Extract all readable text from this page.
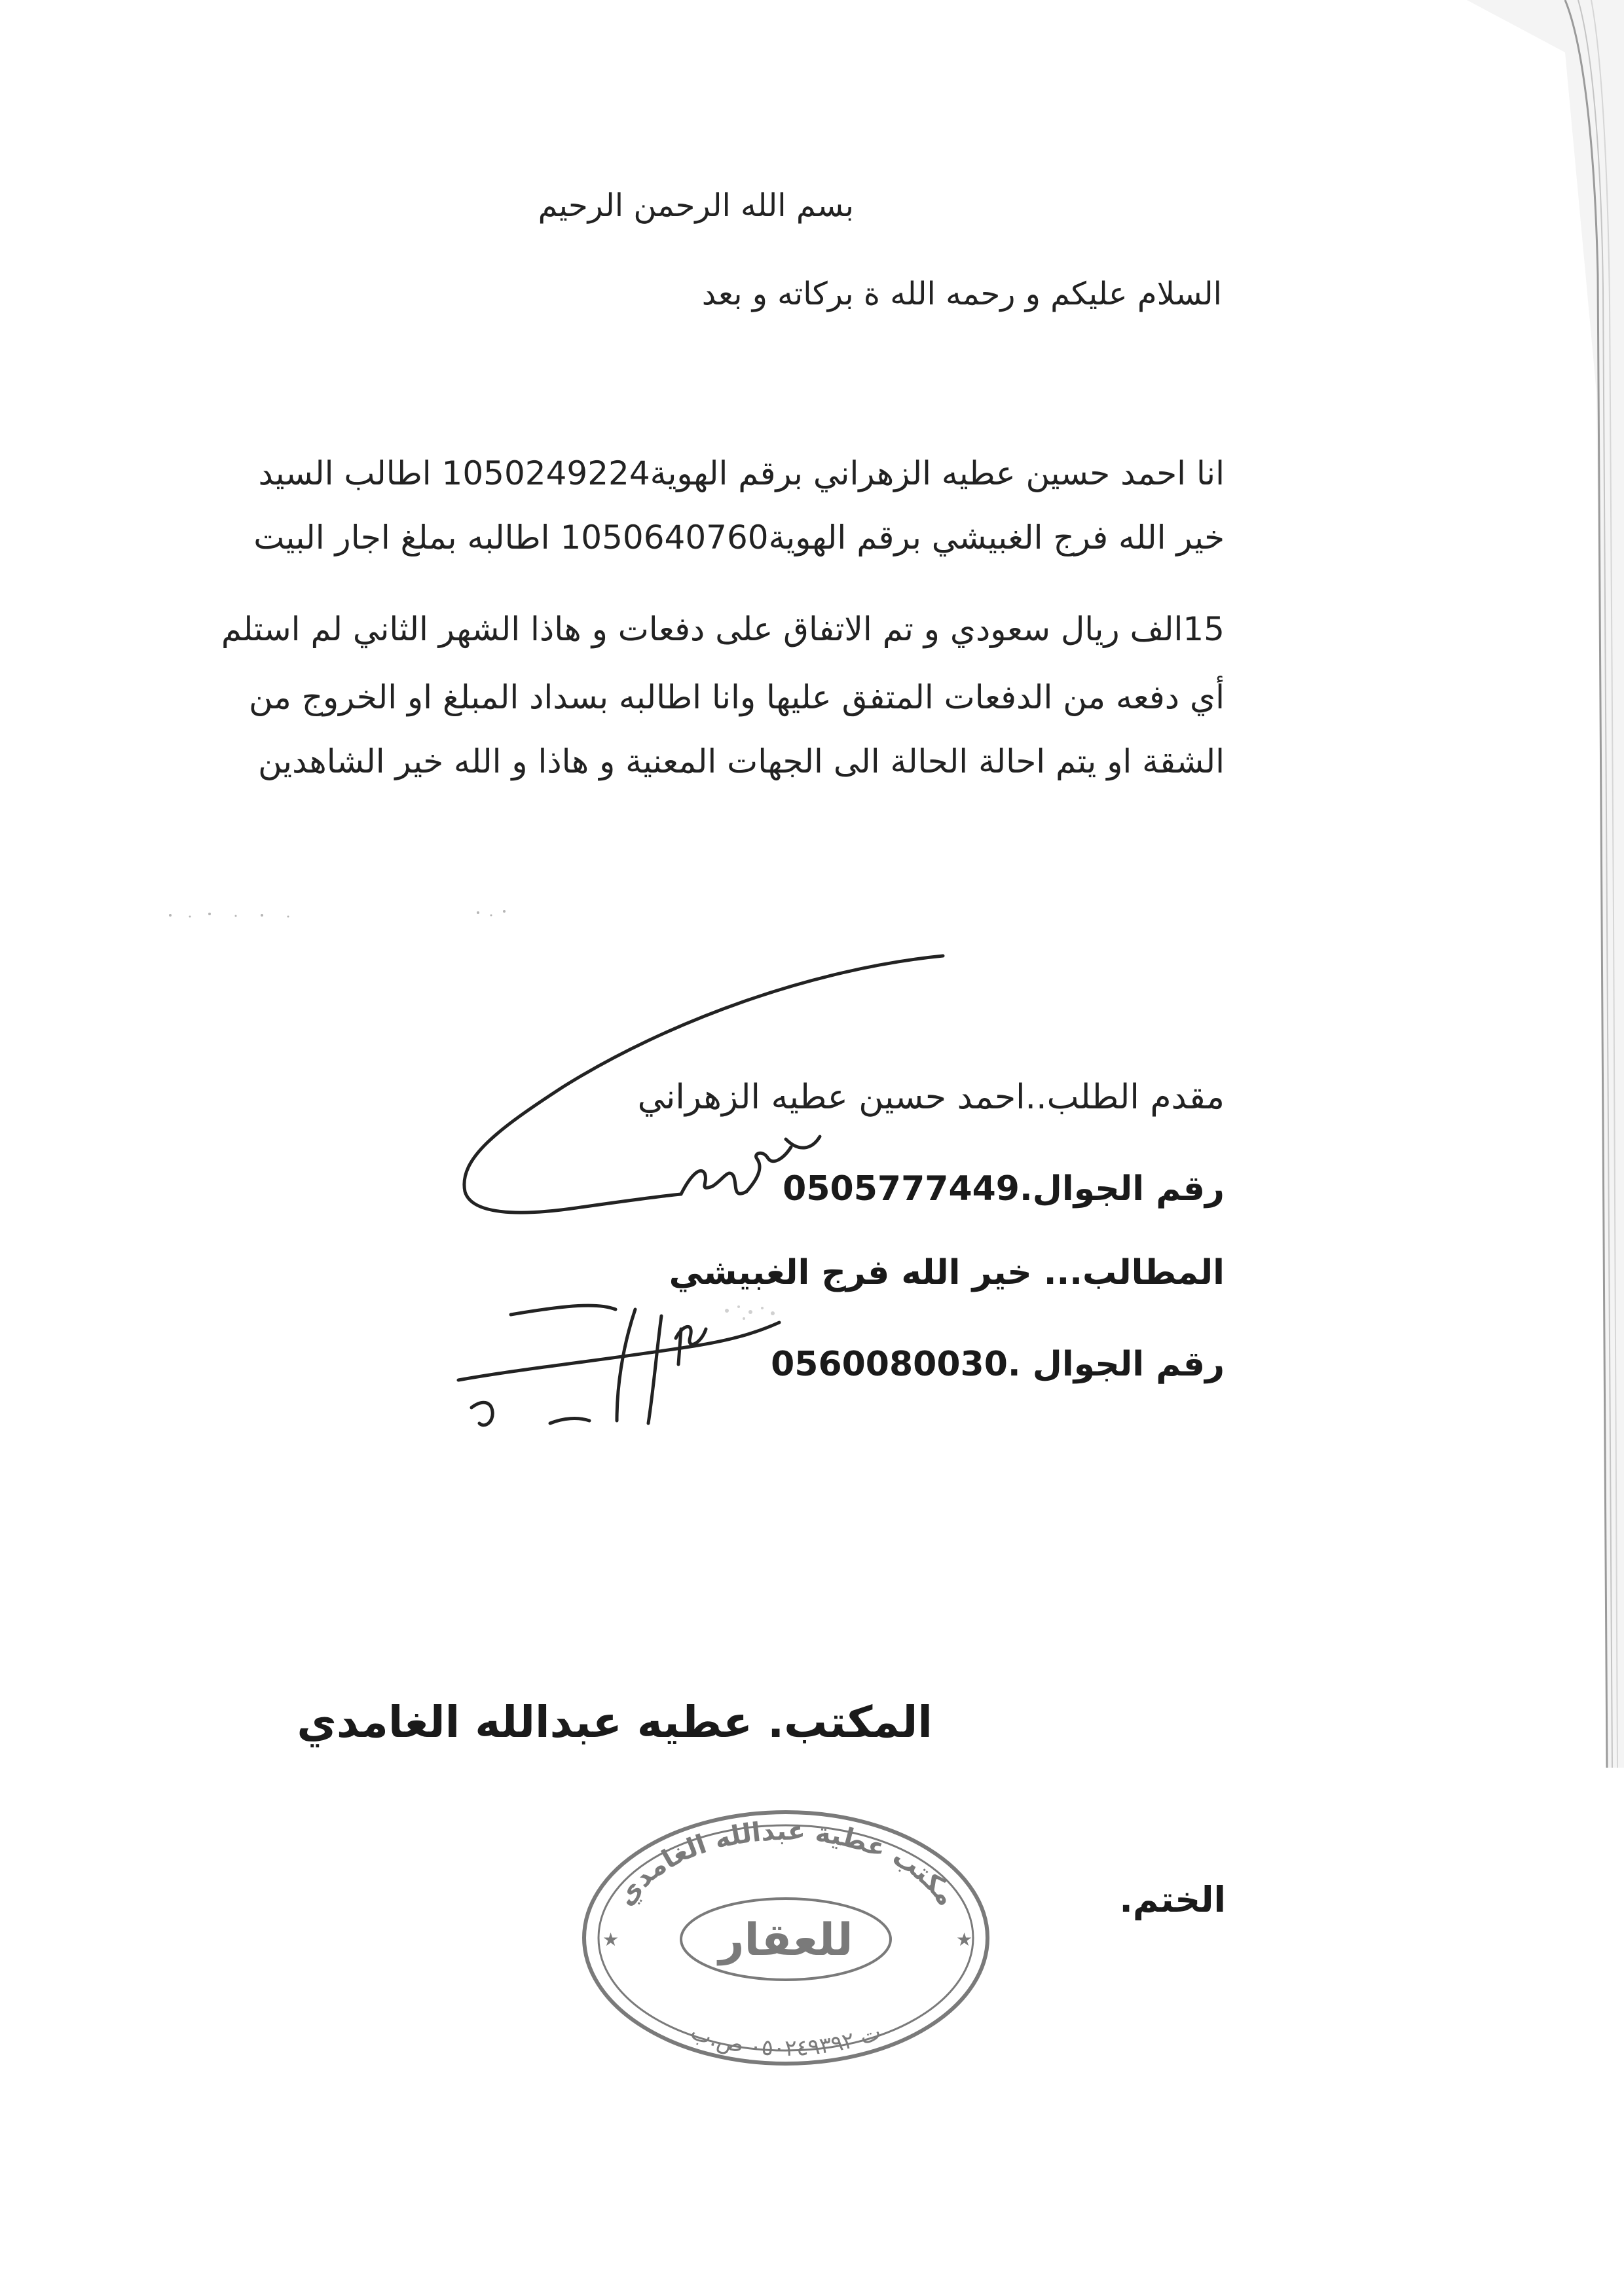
بسم الله الرحمن الرحيم
السلام عليكم و رحمه الله ة بركاته و بعد
انا احمد حسين عطيه الزهراني برقم الهوية1050249224 اطالب السيد
خير الله فرج الغبيشي برقم الهوية1050640760 اطالبه بملغ اجار البيت
15الف ريال سعودي و تم الاتفاق على دفعات و هاذا الشهر الثاني لم استلم
أي دفعه من الدفعات المتفق عليها وانا اطالبه بسداد المبلغ او الخروج من
الشقة او يتم احالة الحالة الى الجهات المعنية و هاذا و الله خير الشاهدين
مقدم الطلب..احمد حسين عطيه الزهراني
رقم الجوال.0505777449
المطالب... خير الله فرج الغبيشي
رقم الجوال .0560080030
المكتب. عطيه عبدالله الغامدي
الختم.
مكتب عطية عبدالله الغامدي
للعقار
ت ٠٥٠٢٤٩٣٩٢ ص.ب
★	★
